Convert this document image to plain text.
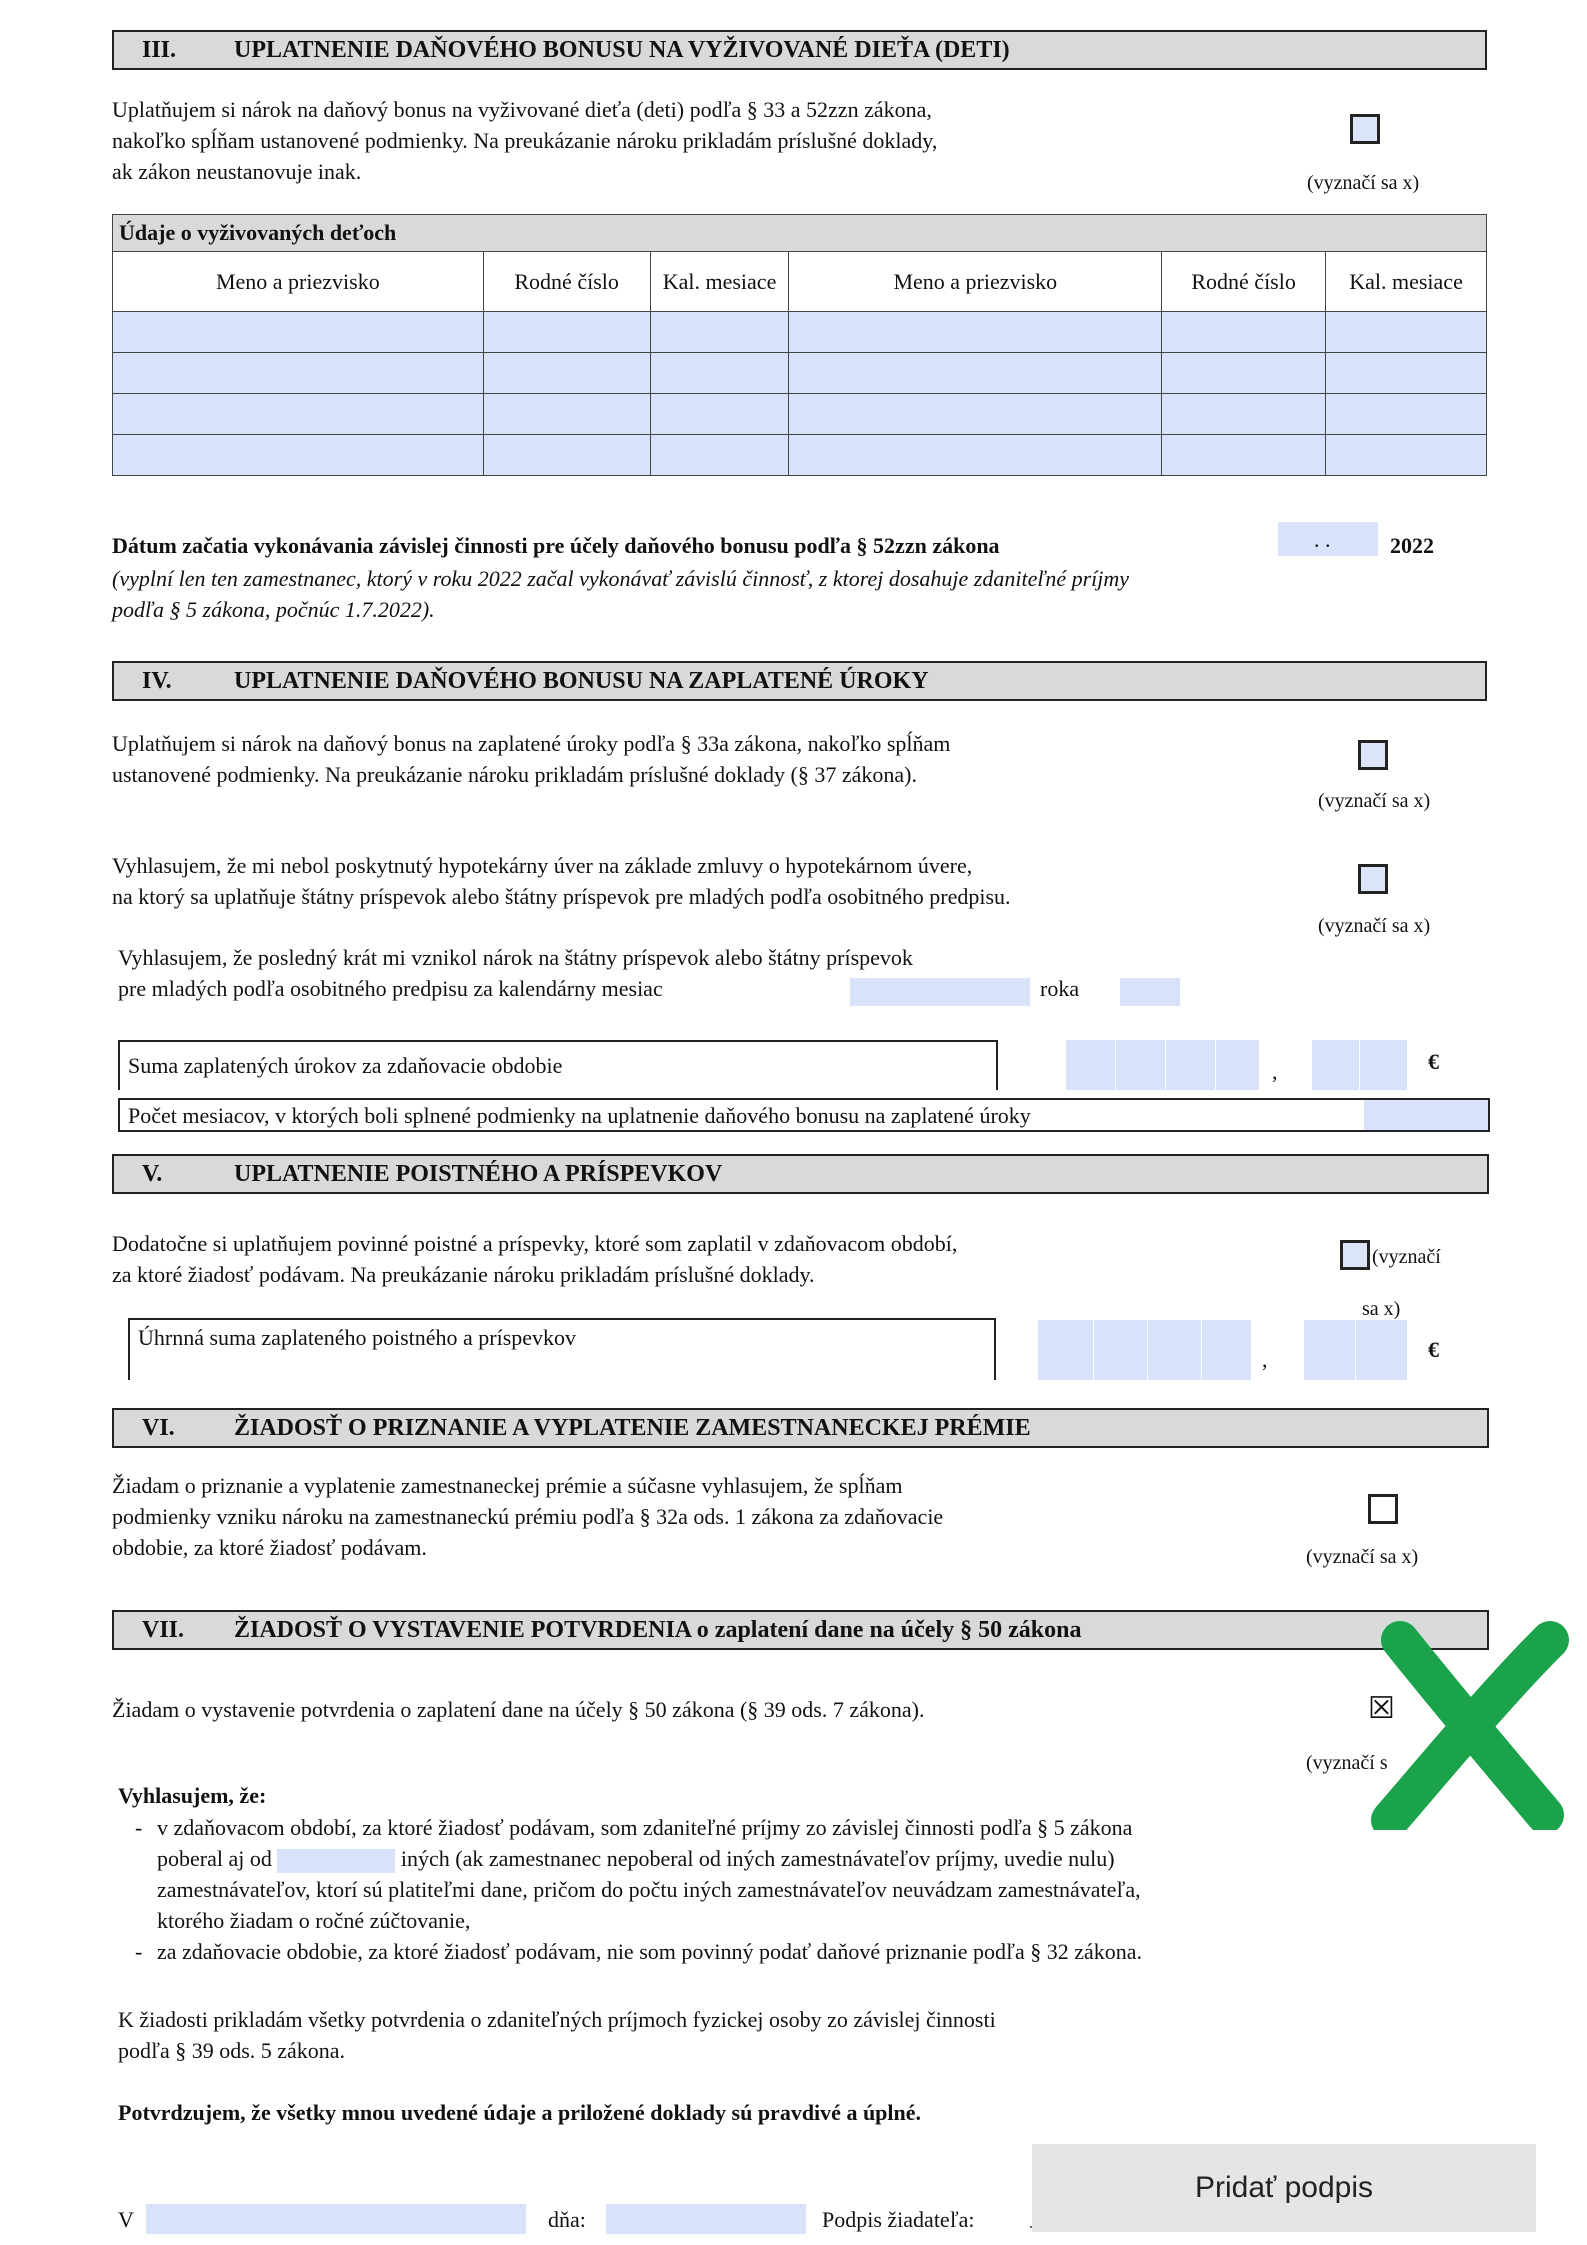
III. UPLATNENIE DAŇOVÉHO BONUSU NA VYŽIVOVANÉ DIEŤA (DETI)
Uplatňujem si nárok na daňový bonus na vyživované dieťa (deti) podľa § 33 a 52zzn zákona,
nakoľko spĺňam ustanovené podmienky. Na preukázanie nároku prikladám príslušné doklady,
ak zákon neustanovuje inak.	(vyznačí sa x)
Údaje o vyživovaných deťoch					
Meno a priezvisko	Rodné číslo	Kal. mesiace	Meno a priezvisko	Rodné číslo	Kal. mesiace

Dátum začatia vykonávania závislej činnosti pre účely daňového bonusu podľa § 52zzn zákona	. .	2022
(vyplní len ten zamestnanec, ktorý v roku 2022 začal vykonávať závislú činnosť, z ktorej dosahuje zdaniteľné príjmy
podľa § 5 zákona, počnúc 1.7.2022).
IV.	UPLATNENIE DAŇOVÉHO BONUSU NA ZAPLATENÉ ÚROKY
Uplatňujem si nárok na daňový bonus na zaplatené úroky podľa § 33a zákona, nakoľko spĺňam
ustanovené podmienky. Na preukázanie nároku prikladám príslušné doklady (§ 37 zákona).
(vyznačí sa x)
Vyhlasujem, že mi nebol poskytnutý hypotekárny úver na základe zmluvy o hypotekárnom úvere,
na ktorý sa uplatňuje štátny príspevok alebo štátny príspevok pre mladých podľa osobitného predpisu.
(vyznačí sa x)
Vyhlasujem, že posledný krát mi vznikol nárok na štátny príspevok alebo štátny príspevok
pre mladých podľa osobitného predpisu za kalendárny mesiac	roka
Suma zaplatených úrokov za zdaňovacie obdobie	,	€
Počet mesiacov, v ktorých boli splnené podmienky na uplatnenie daňového bonusu na zaplatené úroky
V.	UPLATNENIE POISTNÉHO A PRÍSPEVKOV
Dodatočne si uplatňujem povinné poistné a príspevky, ktoré som zaplatil v zdaňovacom období,
za ktoré žiadosť podávam. Na preukázanie nároku prikladám príslušné doklady.
(vyznačí
sa x)
Úhrnná suma zaplateného poistného a príspevkov
,	€
VI. ŽIADOSŤ O PRIZNANIE A VYPLATENIE ZAMESTNANECKEJ PRÉMIE
Žiadam o priznanie a vyplatenie zamestnaneckej prémie a súčasne vyhlasujem, že spĺňam
podmienky vzniku nároku na zamestnaneckú prémiu podľa § 32a ods. 1 zákona za zdaňovacie
obdobie, za ktoré žiadosť podávam.	(vyznačí sa x)
VII. ŽIADOSŤ O VYSTAVENIE POTVRDENIA o zaplatení dane na účely § 50 zákona
Žiadam o vystavenie potvrdenia o zaplatení dane na účely § 50 zákona (§ 39 ods. 7 zákona).	☒
(vyznačí s
Vyhlasujem, že:
- v zdaňovacom období, za ktoré žiadosť podávam, som zdaniteľné príjmy zo závislej činnosti podľa § 5 zákona
poberal aj od	iných (ak zamestnanec nepoberal od iných zamestnávateľov príjmy, uvedie nulu)
zamestnávateľov, ktorí sú platiteľmi dane, pričom do počtu iných zamestnávateľov neuvádzam zamestnávateľa,
ktorého žiadam o ročné zúčtovanie,
- za zdaňovacie obdobie, za ktoré žiadosť podávam, nie som povinný podať daňové priznanie podľa § 32 zákona.
K žiadosti prikladám všetky potvrdenia o zdaniteľných príjmoch fyzickej osoby zo závislej činnosti
podľa § 39 ods. 5 zákona.
Potvrdzujem, že všetky mnou uvedené údaje a priložené doklady sú pravdivé a úplné.
V	dňa:	Podpis žiadateľa:
Pridať podpis
